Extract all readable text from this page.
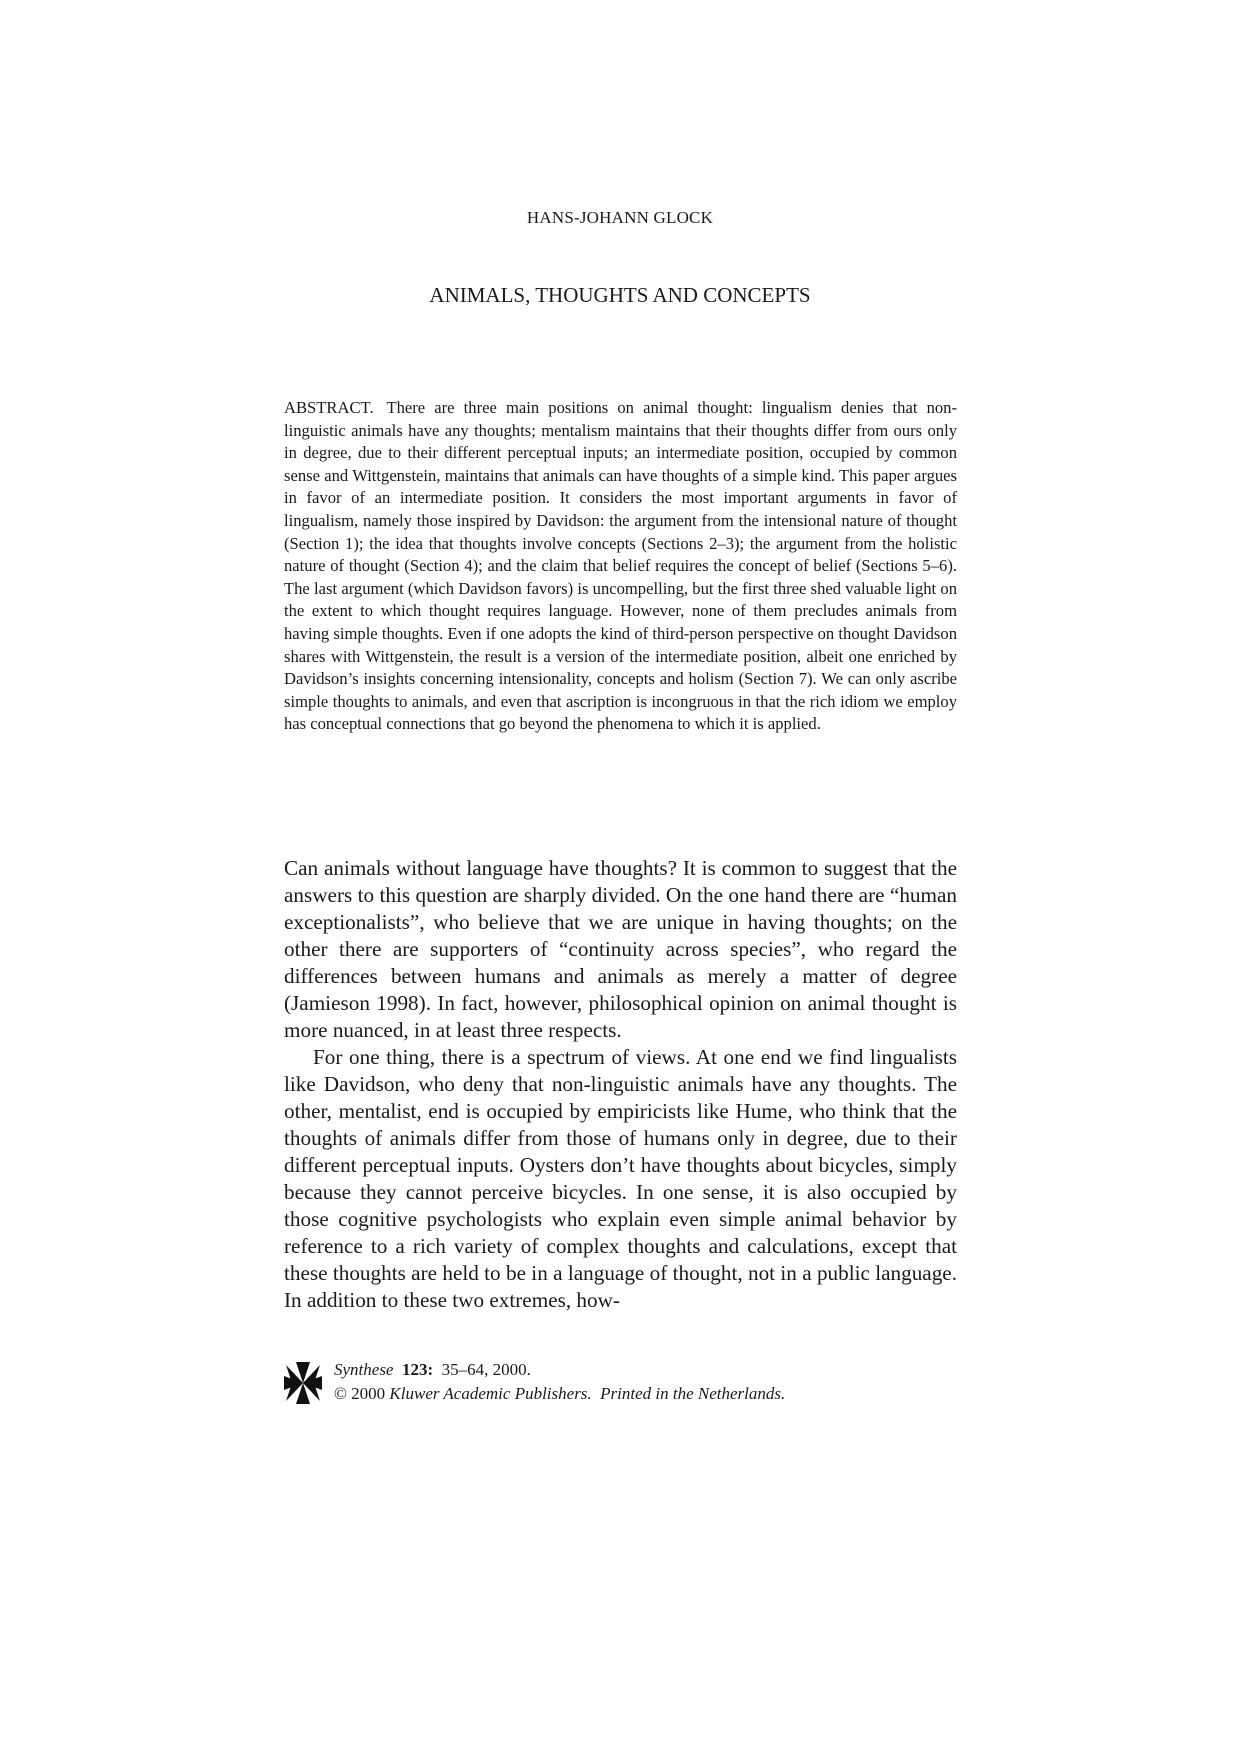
HANS-JOHANN GLOCK
ANIMALS, THOUGHTS AND CONCEPTS

ABSTRACT. There are three main positions on animal thought: lingualism denies that non-linguistic animals have any thoughts; mentalism maintains that their thoughts differ from ours only in degree, due to their different perceptual inputs; an intermediate position, occupied by common sense and Wittgenstein, maintains that animals can have thoughts of a simple kind. This paper argues in favor of an intermediate position. It considers the most important arguments in favor of lingualism, namely those inspired by Davidson: the argument from the intensional nature of thought (Section 1); the idea that thoughts involve concepts (Sections 2–3); the argument from the holistic nature of thought (Section 4); and the claim that belief requires the concept of belief (Sections 5–6). The last argument (which Davidson favors) is uncompelling, but the first three shed valuable light on the extent to which thought requires language. However, none of them precludes animals from having simple thoughts. Even if one adopts the kind of third-person perspective on thought Davidson shares with Wittgenstein, the result is a version of the intermediate position, albeit one enriched by Davidson’s insights concerning intensionality, concepts and holism (Section 7). We can only ascribe simple thoughts to animals, and even that ascription is incongruous in that the rich idiom we employ has conceptual connections that go beyond the phenomena to which it is applied.

Can animals without language have thoughts? It is common to suggest that the answers to this question are sharply divided. On the one hand there are “human exceptionalists”, who believe that we are unique in having thoughts; on the other there are supporters of “continuity across species”, who regard the differences between humans and animals as merely a matter of degree (Jamieson 1998). In fact, however, philosophical opinion on animal thought is more nuanced, in at least three respects.

For one thing, there is a spectrum of views. At one end we find lingualists like Davidson, who deny that non-linguistic animals have any thoughts. The other, mentalist, end is occupied by empiricists like Hume, who think that the thoughts of animals differ from those of humans only in degree, due to their different perceptual inputs. Oysters don’t have thoughts about bicycles, simply because they cannot perceive bicycles. In one sense, it is also occupied by those cognitive psychologists who explain even simple animal behavior by reference to a rich variety of complex thoughts and calculations, except that these thoughts are held to be in a language of thought, not in a public language. In addition to these two extremes, how-

Synthese 123: 35–64, 2000.
© 2000 Kluwer Academic Publishers. Printed in the Netherlands.
